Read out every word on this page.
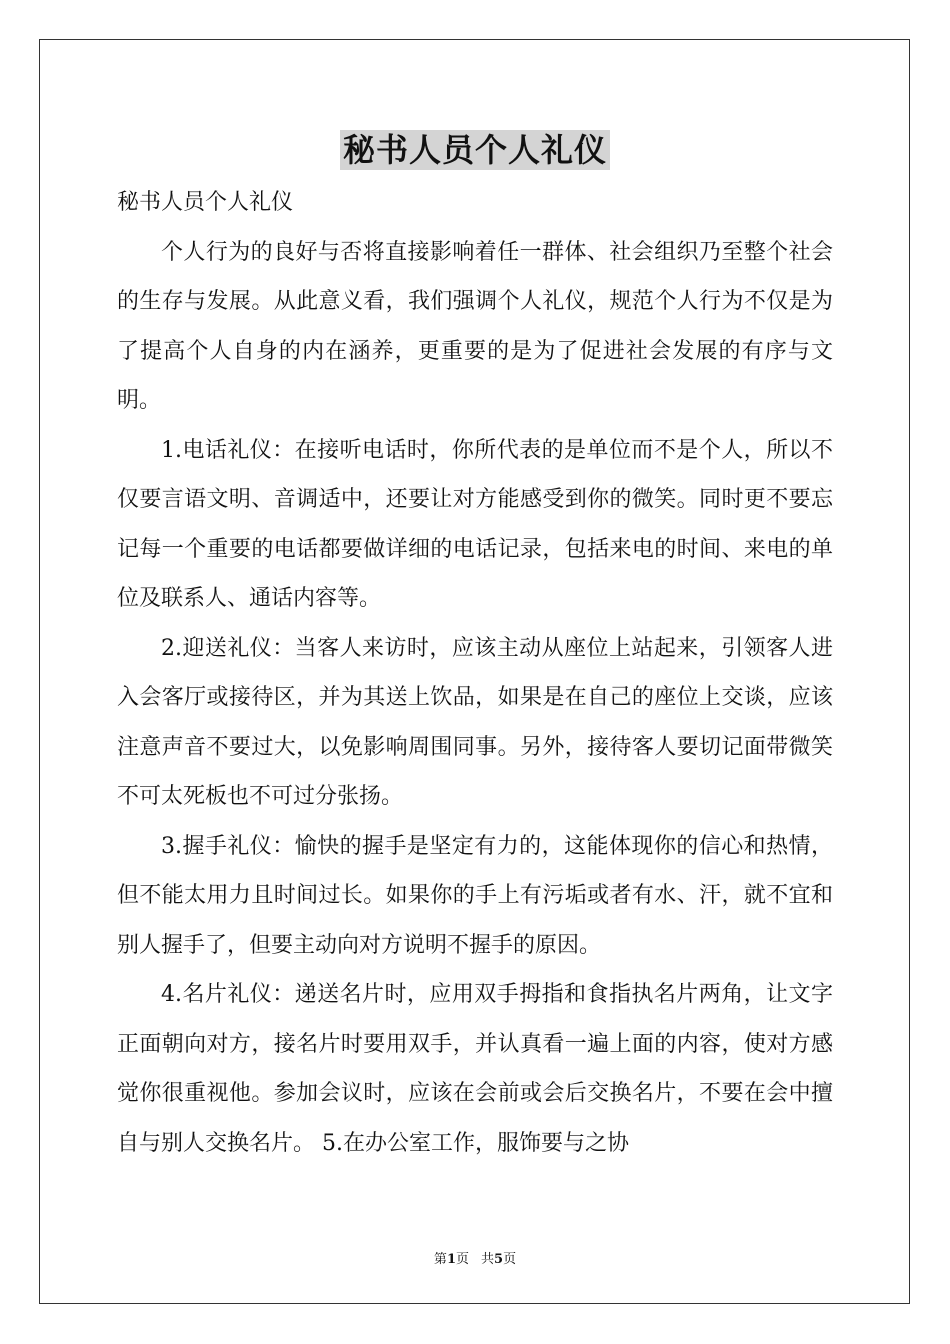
秘书人员个人礼仪

秘书人员个人礼仪

个人行为的良好与否将直接影响着任一群体、社会组织乃至整个社会的生存与发展。从此意义看，我们强调个人礼仪，规范个人行为不仅是为了提高个人自身的内在涵养，更重要的是为了促进社会发展的有序与文明。

1.电话礼仪：在接听电话时，你所代表的是单位而不是个人，所以不仅要言语文明、音调适中，还要让对方能感受到你的微笑。同时更不要忘记每一个重要的电话都要做详细的电话记录，包括来电的时间、来电的单位及联系人、通话内容等。

2.迎送礼仪：当客人来访时，应该主动从座位上站起来，引领客人进入会客厅或接待区，并为其送上饮品，如果是在自己的座位上交谈，应该注意声音不要过大，以免影响周围同事。另外，接待客人要切记面带微笑不可太死板也不可过分张扬。

3.握手礼仪：愉快的握手是坚定有力的，这能体现你的信心和热情，但不能太用力且时间过长。如果你的手上有污垢或者有水、汗，就不宜和别人握手了，但要主动向对方说明不握手的原因。

4.名片礼仪：递送名片时，应用双手拇指和食指执名片两角，让文字正面朝向对方，接名片时要用双手，并认真看一遍上面的内容，使对方感觉你很重视他。参加会议时，应该在会前或会后交换名片，不要在会中擅自与别人交换名片。 5.在办公室工作，服饰要与之协

第1页 共5页
